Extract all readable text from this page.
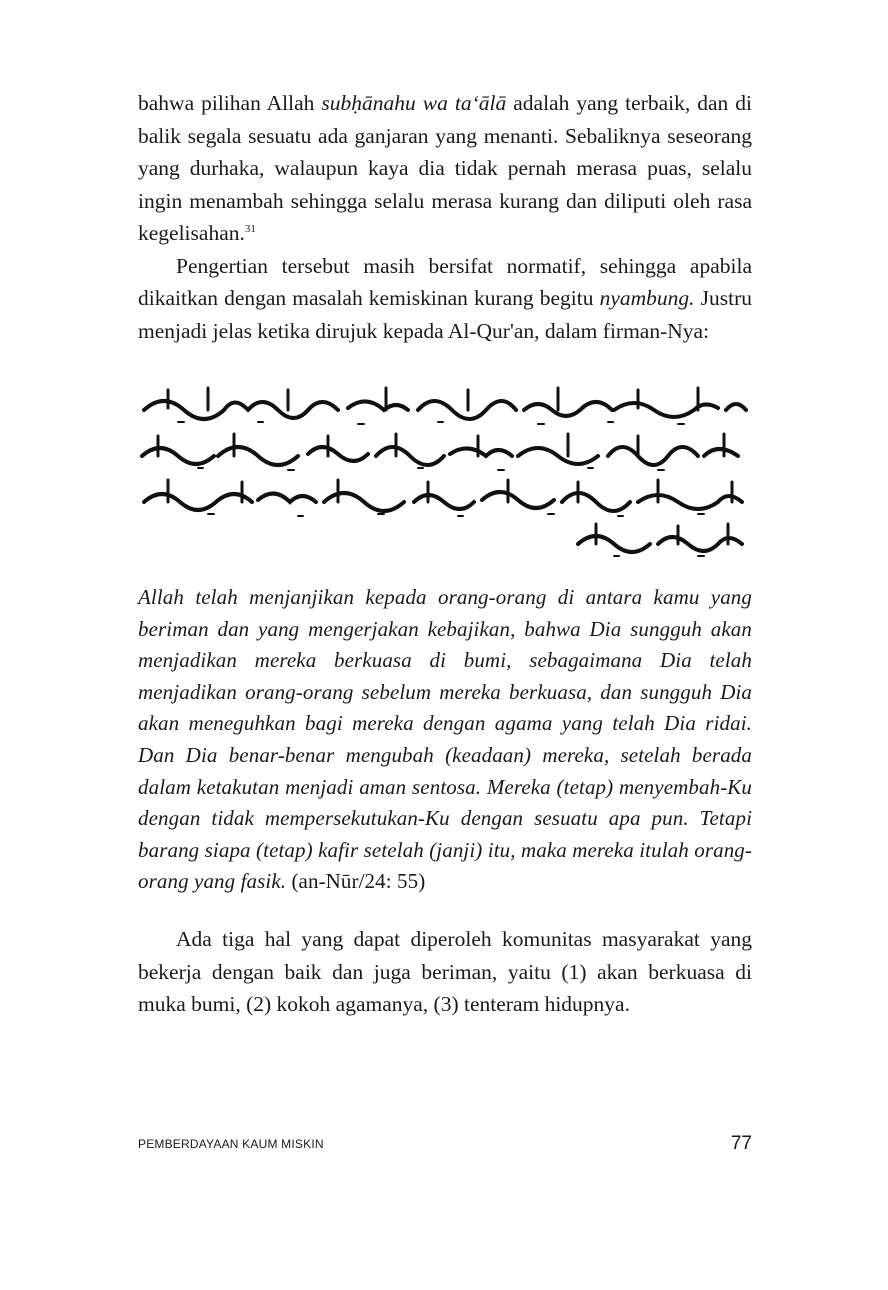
bahwa pilihan Allah subḥānahu wa ta‘ālā adalah yang terbaik, dan di balik segala sesuatu ada ganjaran yang menanti. Sebaliknya seseorang yang durhaka, walaupun kaya dia tidak pernah merasa puas, selalu ingin menambah sehingga selalu merasa kurang dan diliputi oleh rasa kegelisahan.$^{31}$

Pengertian tersebut masih bersifat normatif, sehingga apabila dikaitkan dengan masalah kemiskinan kurang begitu nyambung. Justru menjadi jelas ketika dirujuk kepada Al-Qur'an, dalam firman-Nya:

Allah telah menjanjikan kepada orang-orang di antara kamu yang beriman dan yang mengerjakan kebajikan, bahwa Dia sungguh akan menjadikan mereka berkuasa di bumi, sebagaimana Dia telah menjadikan orang-orang sebelum mereka berkuasa, dan sungguh Dia akan meneguhkan bagi mereka dengan agama yang telah Dia ridai. Dan Dia benar-benar mengubah (keadaan) mereka, setelah berada dalam ketakutan menjadi aman sentosa. Mereka (tetap) menyembah-Ku dengan tidak mempersekutukan-Ku dengan sesuatu apa pun. Tetapi barang siapa (tetap) kafir setelah (janji) itu, maka mereka itulah orang-orang yang fasik. (an-Nūr/24: 55)

Ada tiga hal yang dapat diperoleh komunitas masyarakat yang bekerja dengan baik dan juga beriman, yaitu (1) akan berkuasa di muka bumi, (2) kokoh agamanya, (3) tenteram hidupnya.

PEMBERDAYAAN KAUM MISKIN	77
